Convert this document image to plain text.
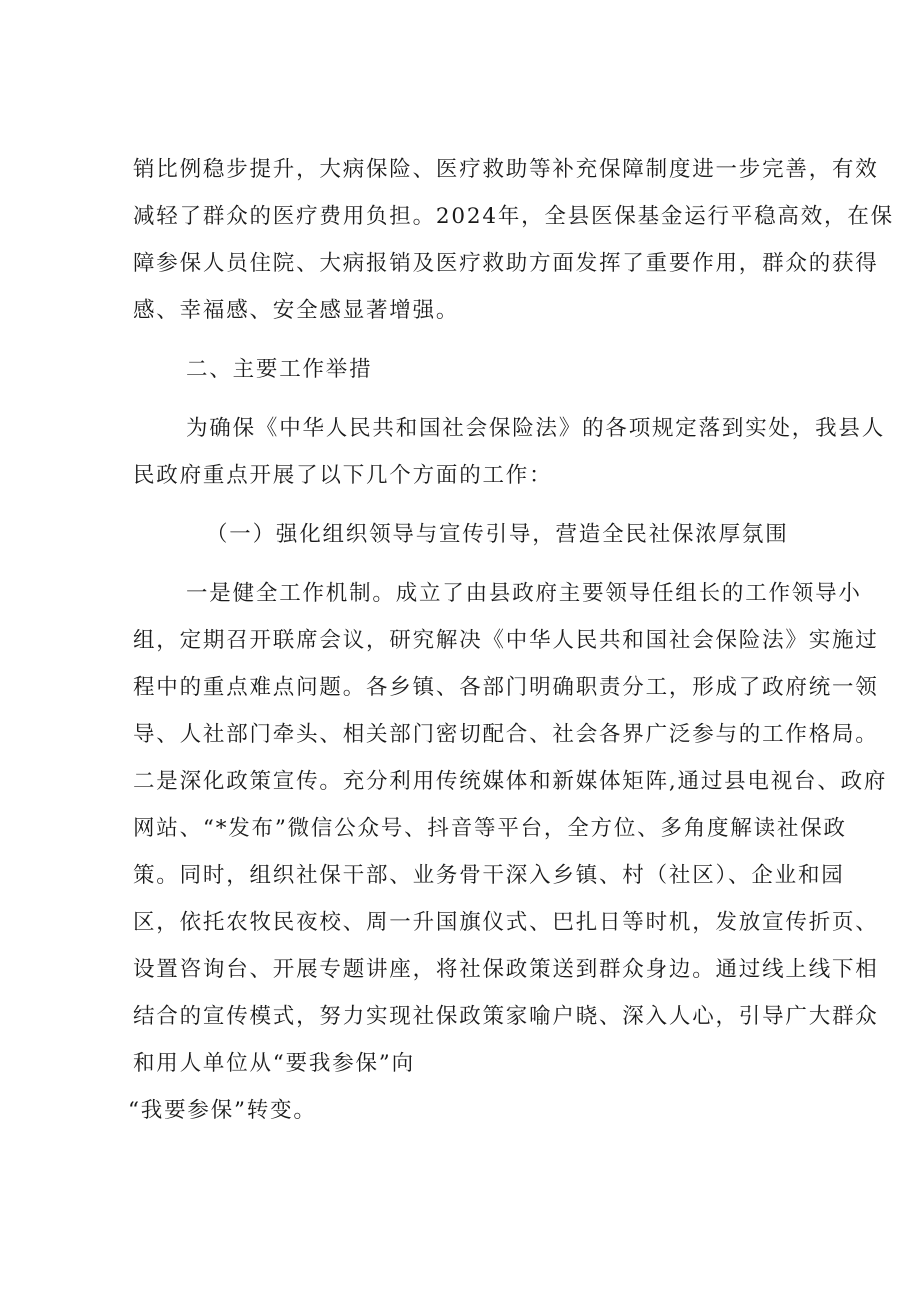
销比例稳步提升，大病保险、医疗救助等补充保障制度进一步完善，有效
减轻了群众的医疗费用负担。2024年，全县医保基金运行平稳高效，在保
障参保人员住院、大病报销及医疗救助方面发挥了重要作用，群众的获得
感、幸福感、安全感显著增强。
二、主要工作举措
为确保《中华人民共和国社会保险法》的各项规定落到实处，我县人
民政府重点开展了以下几个方面的工作：
（一）强化组织领导与宣传引导，营造全民社保浓厚氛围
一是健全工作机制。成立了由县政府主要领导任组长的工作领导小
组，定期召开联席会议，研究解决《中华人民共和国社会保险法》实施过
程中的重点难点问题。各乡镇、各部门明确职责分工，形成了政府统一领
导、人社部门牵头、相关部门密切配合、社会各界广泛参与的工作格局。
二是深化政策宣传。充分利用传统媒体和新媒体矩阵,通过县电视台、政府
网站、“*发布”微信公众号、抖音等平台，全方位、多角度解读社保政
策。同时，组织社保干部、业务骨干深入乡镇、村（社区）、企业和园
区，依托农牧民夜校、周一升国旗仪式、巴扎日等时机，发放宣传折页、
设置咨询台、开展专题讲座，将社保政策送到群众身边。通过线上线下相
结合的宣传模式，努力实现社保政策家喻户晓、深入人心，引导广大群众
和用人单位从“要我参保”向
“我要参保”转变。
